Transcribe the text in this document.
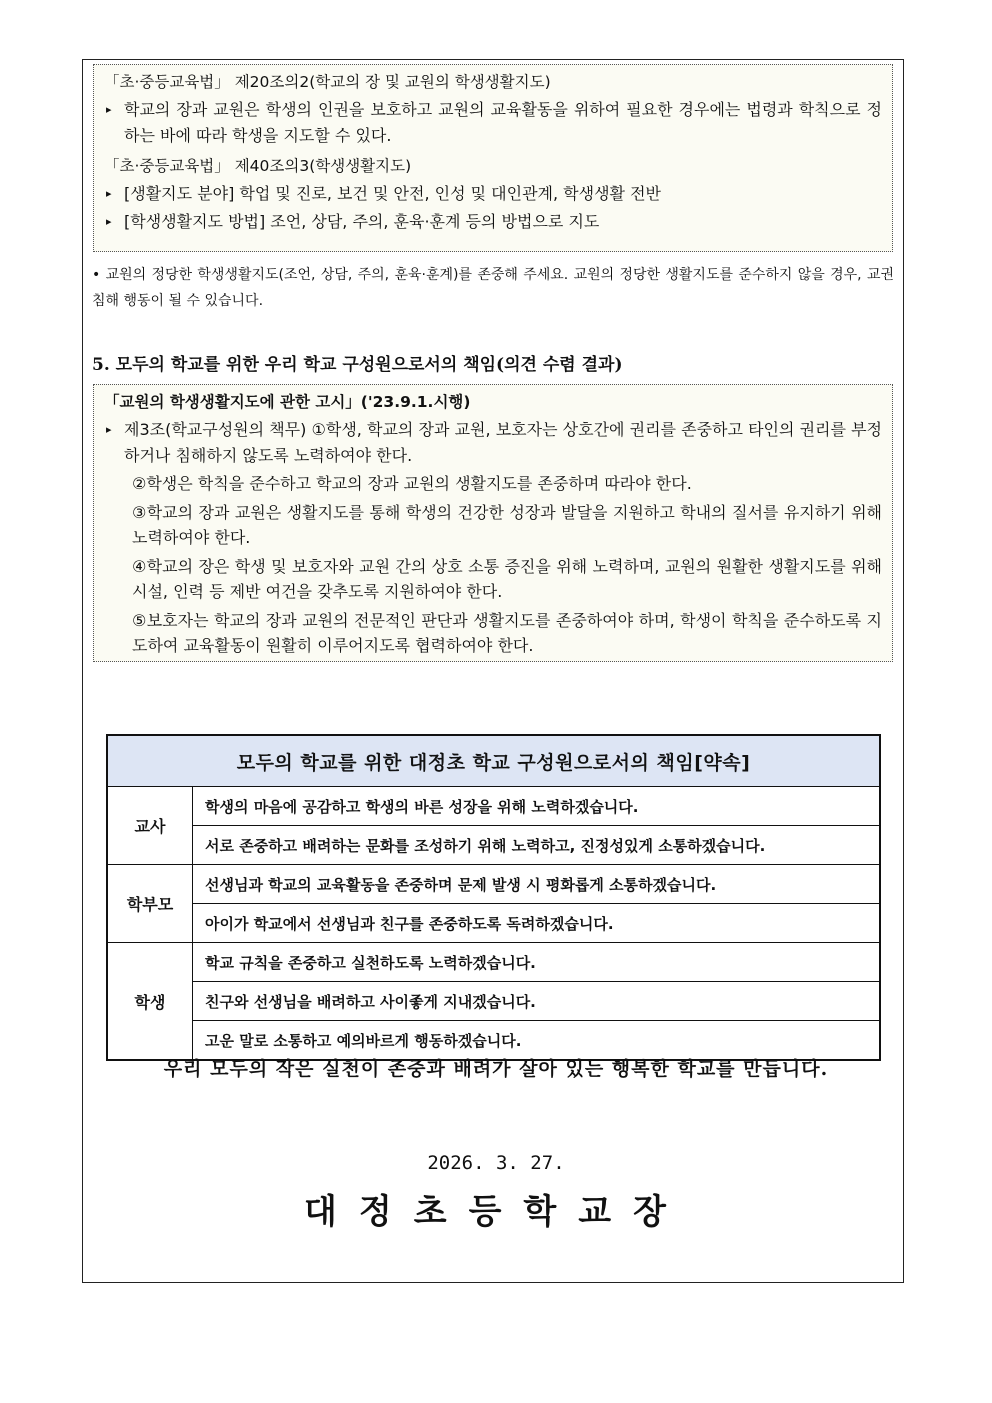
「초·중등교육법」 제20조의2(학교의 장 및 교원의 학생생활지도)
▸ 학교의 장과 교원은 학생의 인권을 보호하고 교원의 교육활동을 위하여 필요한 경우에는 법령과 학칙으로 정하는 바에 따라 학생을 지도할 수 있다.
「초·중등교육법」 제40조의3(학생생활지도)
▸ [생활지도 분야] 학업 및 진로, 보건 및 안전, 인성 및 대인관계, 학생생활 전반
▸ [학생생활지도 방법] 조언, 상담, 주의, 훈육·훈계 등의 방법으로 지도
• 교원의 정당한 학생생활지도(조언, 상담, 주의, 훈육·훈계)를 존중해 주세요. 교원의 정당한 생활지도를 준수하지 않을 경우, 교권침해 행동이 될 수 있습니다.
5. 모두의 학교를 위한 우리 학교 구성원으로서의 책임(의견 수렴 결과)
「교원의 학생생활지도에 관한 고시」('23.9.1.시행)
▸ 제3조(학교구성원의 책무) ①학생, 학교의 장과 교원, 보호자는 상호간에 권리를 존중하고 타인의 권리를 부정하거나 침해하지 않도록 노력하여야 한다.
②학생은 학칙을 준수하고 학교의 장과 교원의 생활지도를 존중하며 따라야 한다.
③학교의 장과 교원은 생활지도를 통해 학생의 건강한 성장과 발달을 지원하고 학내의 질서를 유지하기 위해 노력하여야 한다.
④학교의 장은 학생 및 보호자와 교원 간의 상호 소통 증진을 위해 노력하며, 교원의 원활한 생활지도를 위해 시설, 인력 등 제반 여건을 갖추도록 지원하여야 한다.
⑤보호자는 학교의 장과 교원의 전문적인 판단과 생활지도를 존중하여야 하며, 학생이 학칙을 준수하도록 지도하여 교육활동이 원활히 이루어지도록 협력하여야 한다.
모두의 학교를 위한 대정초 학교 구성원으로서의 책임[약속]	
교사	학생의 마음에 공감하고 학생의 바른 성장을 위해 노력하겠습니다.
	서로 존중하고 배려하는 문화를 조성하기 위해 노력하고, 진정성있게 소통하겠습니다.
학부모	선생님과 학교의 교육활동을 존중하며 문제 발생 시 평화롭게 소통하겠습니다.
	아이가 학교에서 선생님과 친구를 존중하도록 독려하겠습니다.
학생	학교 규칙을 존중하고 실천하도록 노력하겠습니다.
	친구와 선생님을 배려하고 사이좋게 지내겠습니다.
	고운 말로 소통하고 예의바르게 행동하겠습니다.
우리 모두의 작은 실천이 존중과 배려가 살아 있는 행복한 학교를 만듭니다.
2026. 3. 27.
대정초등학교장
